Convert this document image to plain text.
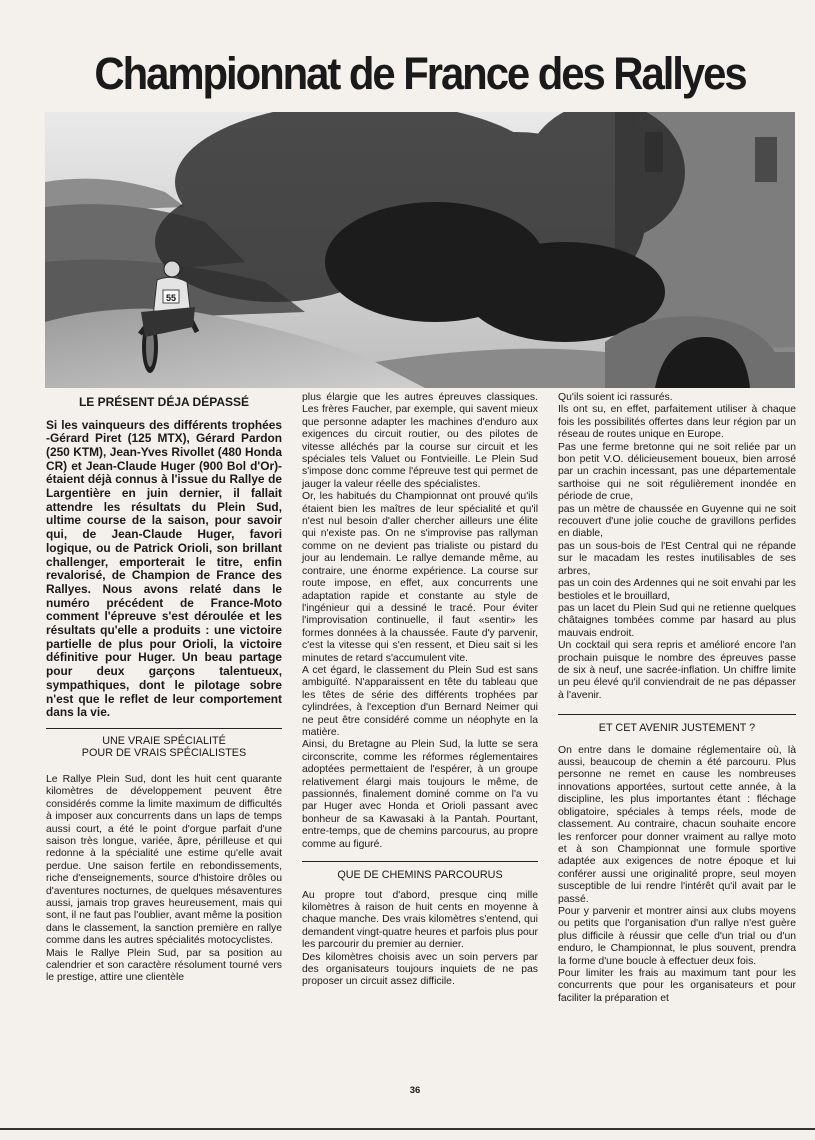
Championnat de France des Rallyes
55
LE PRÉSENT DÉJA DÉPASSÉ

Si les vainqueurs des différents trophées -Gérard Piret (125 MTX), Gérard Pardon (250 KTM), Jean-Yves Rivollet (480 Honda CR) et Jean-Claude Huger (900 Bol d'Or)- étaient déjà connus à l'issue du Rallye de Largentière en juin dernier, il fallait attendre les résultats du Plein Sud, ultime course de la saison, pour savoir qui, de Jean-Claude Huger, favori logique, ou de Patrick Orioli, son brillant challenger, emporterait le titre, enfin revalorisé, de Champion de France des Rallyes. Nous avons relaté dans le numéro précédent de France-Moto comment l'épreuve s'est déroulée et les résultats qu'elle a produits : une victoire partielle de plus pour Orioli, la victoire définitive pour Huger. Un beau partage pour deux garçons talentueux, sympathiques, dont le pilotage sobre n'est que le reflet de leur comportement dans la vie.

UNE VRAIE SPÉCIALITÉ
POUR DE VRAIS SPÉCIALISTES

Le Rallye Plein Sud, dont les huit cent quarante kilomètres de développement peuvent être considérés comme la limite maximum de difficultés à imposer aux concurrents dans un laps de temps aussi court, a été le point d'orgue parfait d'une saison très longue, variée, âpre, périlleuse et qui redonne à la spécialité une estime qu'elle avait perdue. Une saison fertile en rebondissements, riche d'enseignements, source d'histoire drôles ou d'aventures nocturnes, de quelques mésaventures aussi, jamais trop graves heureusement, mais qui sont, il ne faut pas l'oublier, avant même la position dans le classement, la sanction première en rallye comme dans les autres spécialités motocyclistes.

Mais le Rallye Plein Sud, par sa position au calendrier et son caractère résolument tourné vers le prestige, attire une clientèle

plus élargie que les autres épreuves classiques. Les frères Faucher, par exemple, qui savent mieux que personne adapter les machines d'enduro aux exigences du circuit routier, ou des pilotes de vitesse alléchés par la course sur circuit et les spéciales tels Valuet ou Fontvieille. Le Plein Sud s'impose donc comme l'épreuve test qui permet de jauger la valeur réelle des spécialistes.

Or, les habitués du Championnat ont prouvé qu'ils étaient bien les maîtres de leur spécialité et qu'il n'est nul besoin d'aller chercher ailleurs une élite qui n'existe pas. On ne s'improvise pas rallyman comme on ne devient pas trialiste ou pistard du jour au lendemain. Le rallye demande même, au contraire, une énorme expérience. La course sur route impose, en effet, aux concurrents une adaptation rapide et constante au style de l'ingénieur qui a dessiné le tracé. Pour éviter l'improvisation continuelle, il faut «sentir» les formes données à la chaussée. Faute d'y parvenir, c'est la vitesse qui s'en ressent, et Dieu sait si les minutes de retard s'accumulent vite.

A cet égard, le classement du Plein Sud est sans ambiguïté. N'apparaissent en tête du tableau que les têtes de série des différents trophées par cylindrées, à l'exception d'un Bernard Neimer qui ne peut être considéré comme un néophyte en la matière.

Ainsi, du Bretagne au Plein Sud, la lutte se sera circonscrite, comme les réformes réglementaires adoptées permettaient de l'espérer, à un groupe relativement élargi mais toujours le même, de passionnés, finalement dominé comme on l'a vu par Huger avec Honda et Orioli passant avec bonheur de sa Kawasaki à la Pantah. Pourtant, entre-temps, que de chemins parcourus, au propre comme au figuré.

QUE DE CHEMINS PARCOURUS

Au propre tout d'abord, presque cinq mille kilomètres à raison de huit cents en moyenne à chaque manche. Des vrais kilomètres s'entend, qui demandent vingt-quatre heures et parfois plus pour les parcourir du premier au dernier.

Des kilomètres choisis avec un soin pervers par des organisateurs toujours inquiets de ne pas proposer un circuit assez difficile.

Qu'ils soient ici rassurés.

Ils ont su, en effet, parfaitement utiliser à chaque fois les possibilités offertes dans leur région par un réseau de routes unique en Europe.

Pas une ferme bretonne qui ne soit reliée par un bon petit V.O. délicieusement boueux, bien arrosé par un crachin incessant, pas une départementale sarthoise qui ne soit régulièrement inondée en période de crue,

pas un mètre de chaussée en Guyenne qui ne soit recouvert d'une jolie couche de gravillons perfides en diable,

pas un sous-bois de l'Est Central qui ne répande sur le macadam les restes inutilisables de ses arbres,

pas un coin des Ardennes qui ne soit envahi par les bestioles et le brouillard,

pas un lacet du Plein Sud qui ne retienne quelques châtaignes tombées comme par hasard au plus mauvais endroit.

Un cocktail qui sera repris et amélioré encore l'an prochain puisque le nombre des épreuves passe de six à neuf, une sacrée-inflation. Un chiffre limite un peu élevé qu'il conviendrait de ne pas dépasser à l'avenir.

ET CET AVENIR JUSTEMENT ?

On entre dans le domaine réglementaire où, là aussi, beaucoup de chemin a été parcouru. Plus personne ne remet en cause les nombreuses innovations apportées, surtout cette année, à la discipline, les plus importantes étant : fléchage obligatoire, spéciales à temps réels, mode de classement. Au contraire, chacun souhaite encore les renforcer pour donner vraiment au rallye moto et à son Championnat une formule sportive adaptée aux exigences de notre époque et lui conférer aussi une originalité propre, seul moyen susceptible de lui rendre l'intérêt qu'il avait par le passé.

Pour y parvenir et montrer ainsi aux clubs moyens ou petits que l'organisation d'un rallye n'est guère plus difficile à réussir que celle d'un trial ou d'un enduro, le Championnat, le plus souvent, prendra la forme d'une boucle à effectuer deux fois.

Pour limiter les frais au maximum tant pour les concurrents que pour les organisateurs et pour faciliter la préparation et

36
